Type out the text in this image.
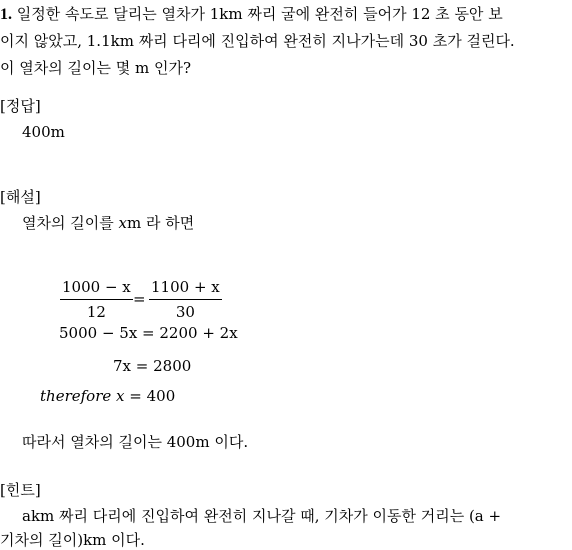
1. 일정한 속도로 달리는 열차가 1km 짜리 굴에 완전히 들어가 12 초 동안 보
이지 않았고, 1.1km 짜리 다리에 진입하여 완전히 지나가는데 30 초가 걸린다.
이 열차의 길이는 몇 m 인가?
[정답]
400m
[해설]
열차의 길이를 xm 라 하면
$\frac{1000 - x}{12} = \frac{1100 + x}{30}$
5000 − 5x = 2200 + 2x
7x = 2800
therefore x = 400
따라서 열차의 길이는 400m 이다.
[힌트]
akm 짜리 다리에 진입하여 완전히 지나갈 때, 기차가 이동한 거리는 (a +
기차의 길이)km 이다.
